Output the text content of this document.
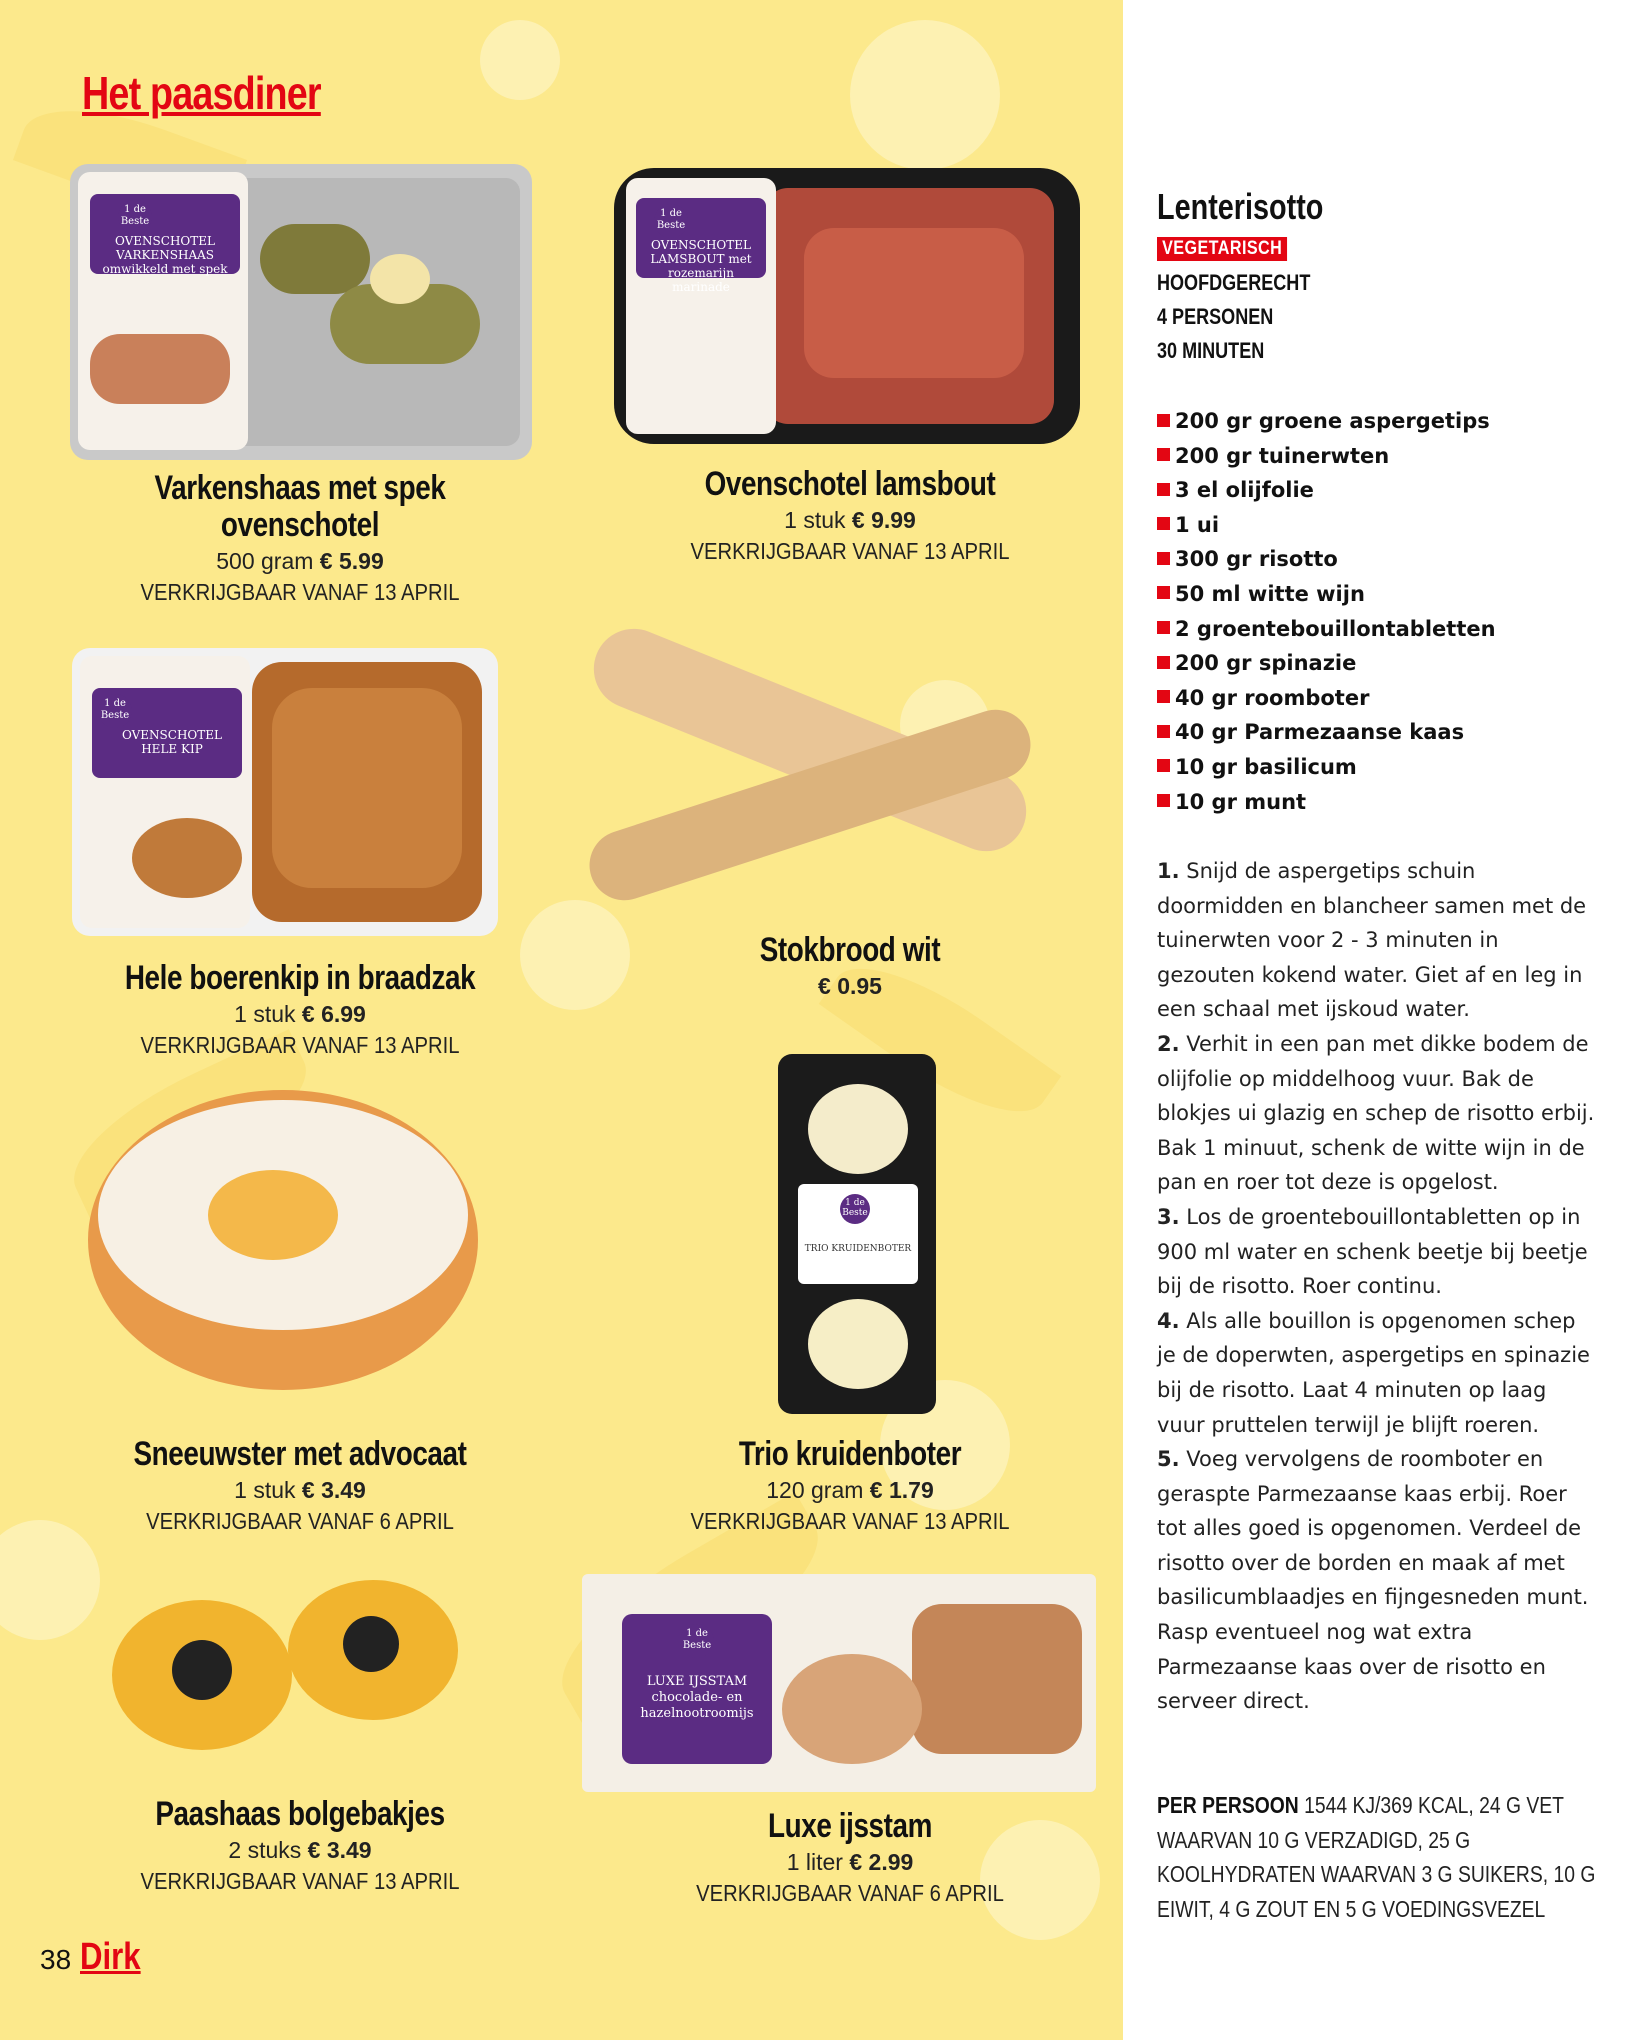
Het paasdiner
OVENSCHOTEL VARKENSHAAS omwikkeld met spek
1 de Beste
Varkenshaas met spek ovenschotel
500 gram € 5.99
VERKRIJGBAAR VANAF 13 APRIL
OVENSCHOTEL LAMSBOUT met rozemarijn marinade
1 de Beste
Ovenschotel lamsbout
1 stuk € 9.99
VERKRIJGBAAR VANAF 13 APRIL
OVENSCHOTEL HELE KIP
1 de Beste
Hele boerenkip in braadzak
1 stuk € 6.99
VERKRIJGBAAR VANAF 13 APRIL
Stokbrood wit
€ 0.95
Sneeuwster met advocaat
1 stuk € 3.49
VERKRIJGBAAR VANAF 6 APRIL
TRIO KRUIDENBOTER
1 de Beste
Trio kruidenboter
120 gram € 1.79
VERKRIJGBAAR VANAF 13 APRIL
Paashaas bolgebakjes
2 stuks € 3.49
VERKRIJGBAAR VANAF 13 APRIL
1 de Beste
LUXE IJSSTAM chocolade- en hazelnootroomijs
Luxe ijsstam
1 liter € 2.99
VERKRIJGBAAR VANAF 6 APRIL
38 Dirk
Lenterisotto
VEGETARISCH
HOOFDGERECHT
4 PERSONEN
30 MINUTEN
200 gr groene aspergetips
200 gr tuinerwten
3 el olijfolie
1 ui
300 gr risotto
50 ml witte wijn
2 groentebouillontabletten
200 gr spinazie
40 gr roomboter
40 gr Parmezaanse kaas
10 gr basilicum
10 gr munt

1. Snijd de aspergetips schuin doormidden en blancheer samen met de tuinerwten voor 2 - 3 minuten in gezouten kokend water. Giet af en leg in een schaal met ijskoud water.

2. Verhit in een pan met dikke bodem de olijfolie op middelhoog vuur. Bak de blokjes ui glazig en schep de risotto erbij. Bak 1 minuut, schenk de witte wijn in de pan en roer tot deze is opgelost.

3. Los de groentebouillontabletten op in 900 ml water en schenk beetje bij beetje bij de risotto. Roer continu.

4. Als alle bouillon is opgenomen schep je de doperwten, aspergetips en spinazie bij de risotto. Laat 4 minuten op laag vuur pruttelen terwijl je blijft roeren.

5. Voeg vervolgens de roomboter en geraspte Parmezaanse kaas erbij. Roer tot alles goed is opgenomen. Verdeel de risotto over de borden en maak af met basilicumblaadjes en fijngesneden munt. Rasp eventueel nog wat extra Parmezaanse kaas over de risotto en serveer direct.

PER PERSOON 1544 KJ/369 KCAL, 24 G VET WAARVAN 10 G VERZADIGD, 25 G KOOLHYDRATEN WAARVAN 3 G SUIKERS, 10 G EIWIT, 4 G ZOUT EN 5 G VOEDINGSVEZEL
